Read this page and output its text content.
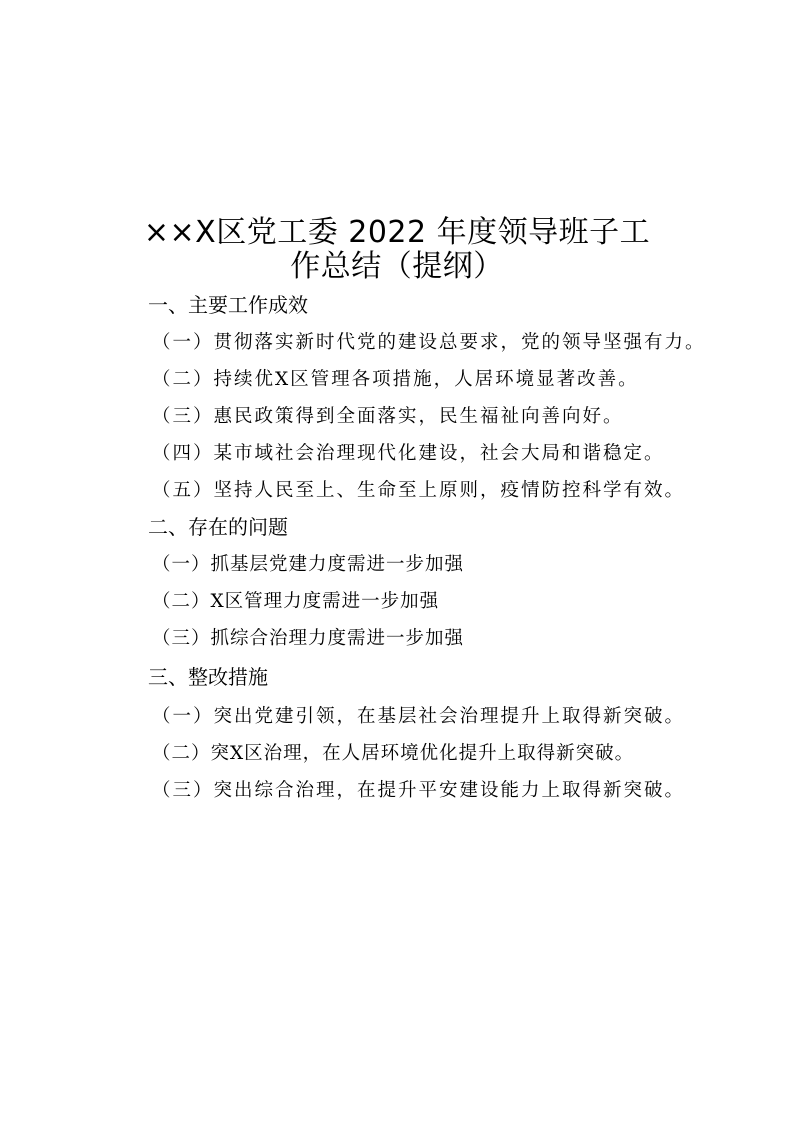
××X区党工委 2022 年度领导班子工
作总结（提纲）
一、主要工作成效
（一）贯彻落实新时代党的建设总要求，党的领导坚强有力。
（二）持续优X区管理各项措施，人居环境显著改善。
（三）惠民政策得到全面落实，民生福祉向善向好。
（四）某市域社会治理现代化建设，社会大局和谐稳定。
（五）坚持人民至上、生命至上原则，疫情防控科学有效。
二、存在的问题
（一）抓基层党建力度需进一步加强
（二）X区管理力度需进一步加强
（三）抓综合治理力度需进一步加强
三、整改措施
（一）突出党建引领，在基层社会治理提升上取得新突破。
（二）突X区治理，在人居环境优化提升上取得新突破。
（三）突出综合治理，在提升平安建设能力上取得新突破。
